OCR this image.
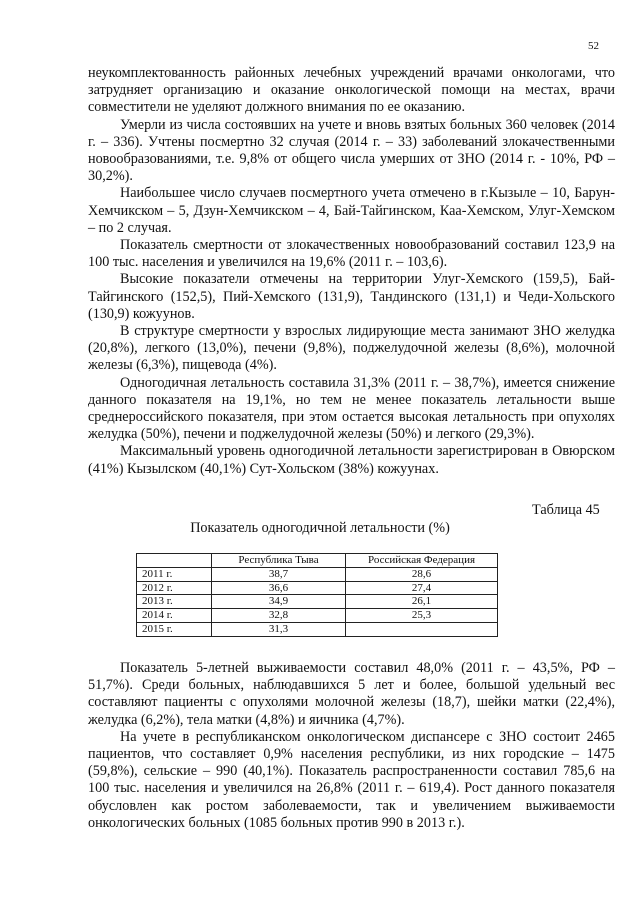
52

неукомплектованность районных лечебных учреждений врачами онкологами, что затрудняет организацию и оказание онкологической помощи на местах, врачи совместители не уделяют должного внимания по ее оказанию.

Умерли из числа состоявших на учете и вновь взятых больных 360 человек (2014 г. – 336). Учтены посмертно 32 случая (2014 г. – 33) заболеваний злокачественными новообразованиями, т.е. 9,8% от общего числа умерших от ЗНО (2014 г. - 10%, РФ – 30,2%).

Наибольшее число случаев посмертного учета отмечено в г.Кызыле – 10, Барун-Хемчикском – 5, Дзун-Хемчикском – 4, Бай-Тайгинском, Каа-Хемском, Улуг-Хемском – по 2 случая.

Показатель смертности от злокачественных новообразований составил 123,9 на 100 тыс. населения и увеличился на 19,6% (2011 г. – 103,6).

Высокие показатели отмечены на территории Улуг-Хемского (159,5), Бай-Тайгинского (152,5), Пий-Хемского (131,9), Тандинского (131,1) и Чеди-Хольского (130,9) кожуунов.

В структуре смертности у взрослых лидирующие места занимают ЗНО желудка (20,8%), легкого (13,0%), печени (9,8%), поджелудочной железы (8,6%), молочной железы (6,3%), пищевода (4%).

Одногодичная летальность составила 31,3% (2011 г. – 38,7%), имеется снижение данного показателя на 19,1%, но тем не менее показатель летальности выше среднероссийского показателя, при этом остается высокая летальность при опухолях желудка (50%), печени и поджелудочной железы (50%) и легкого (29,3%).

Максимальный уровень одногодичной летальности зарегистрирован в Овюрском (41%) Кызылском (40,1%) Сут-Хольском (38%) кожуунах.

Таблица 45
Показатель одногодичной летальности (%)
	Республика Тыва	Российская Федерация
2011 г.	38,7	28,6
2012 г.	36,6	27,4
2013 г.	34,9	26,1
2014 г.	32,8	25,3
2015 г.	31,3	

Показатель 5-летней выживаемости составил 48,0% (2011 г. – 43,5%, РФ – 51,7%). Среди больных, наблюдавшихся 5 лет и более, большой удельный вес составляют пациенты с опухолями молочной железы (18,7), шейки матки (22,4%), желудка (6,2%), тела матки (4,8%) и яичника (4,7%).

На учете в республиканском онкологическом диспансере с ЗНО состоит 2465 пациентов, что составляет 0,9% населения республики, из них городские – 1475 (59,8%), сельские – 990 (40,1%). Показатель распространенности составил 785,6 на 100 тыс. населения и увеличился на 26,8% (2011 г. – 619,4). Рост данного показателя обусловлен как ростом заболеваемости, так и увеличением выживаемости онкологических больных (1085 больных против 990 в 2013 г.).
